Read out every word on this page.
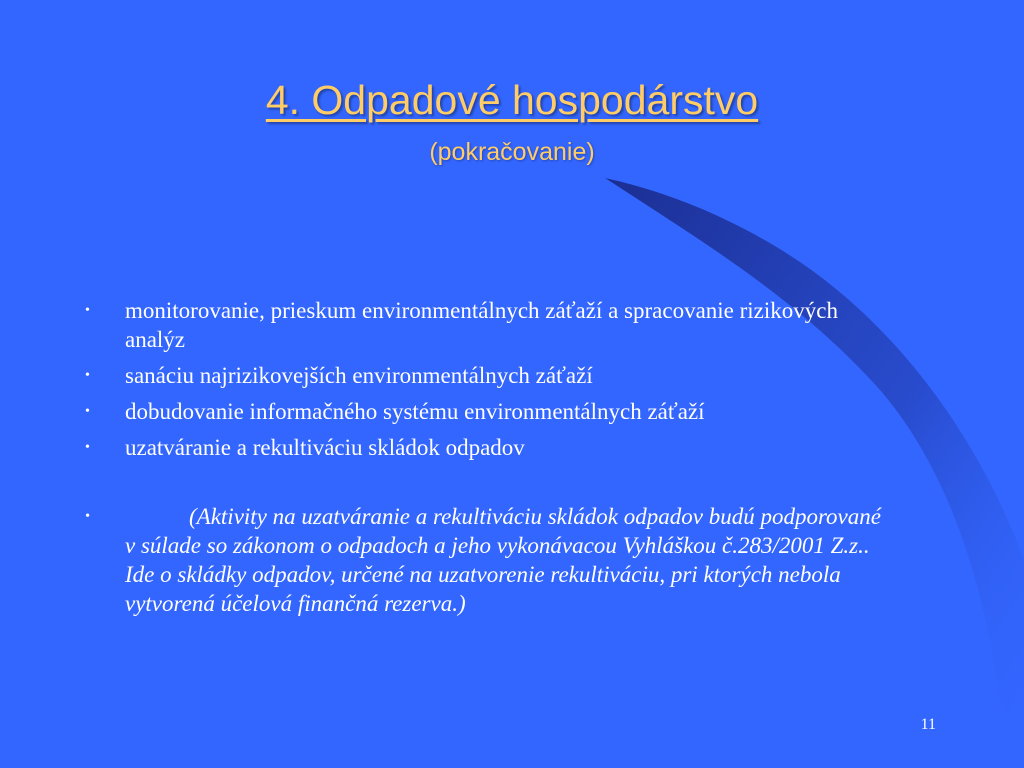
4. Odpadové hospodárstvo
(pokračovanie)
• monitorovanie, prieskum environmentálnych záťaží a spracovanie rizikových analýz
• sanáciu najrizikovejších environmentálnych záťaží
• dobudovanie informačného systému environmentálnych záťaží
• uzatváranie a rekultiváciu skládok odpadov
•	(Aktivity na uzatváranie a rekultiváciu skládok odpadov budú podporované v súlade so zákonom o odpadoch a jeho vykonávacou Vyhláškou č.283/2001 Z.z.. Ide o skládky odpadov, určené na uzatvorenie rekultiváciu, pri ktorých nebola vytvorená účelová finančná rezerva.)
11
